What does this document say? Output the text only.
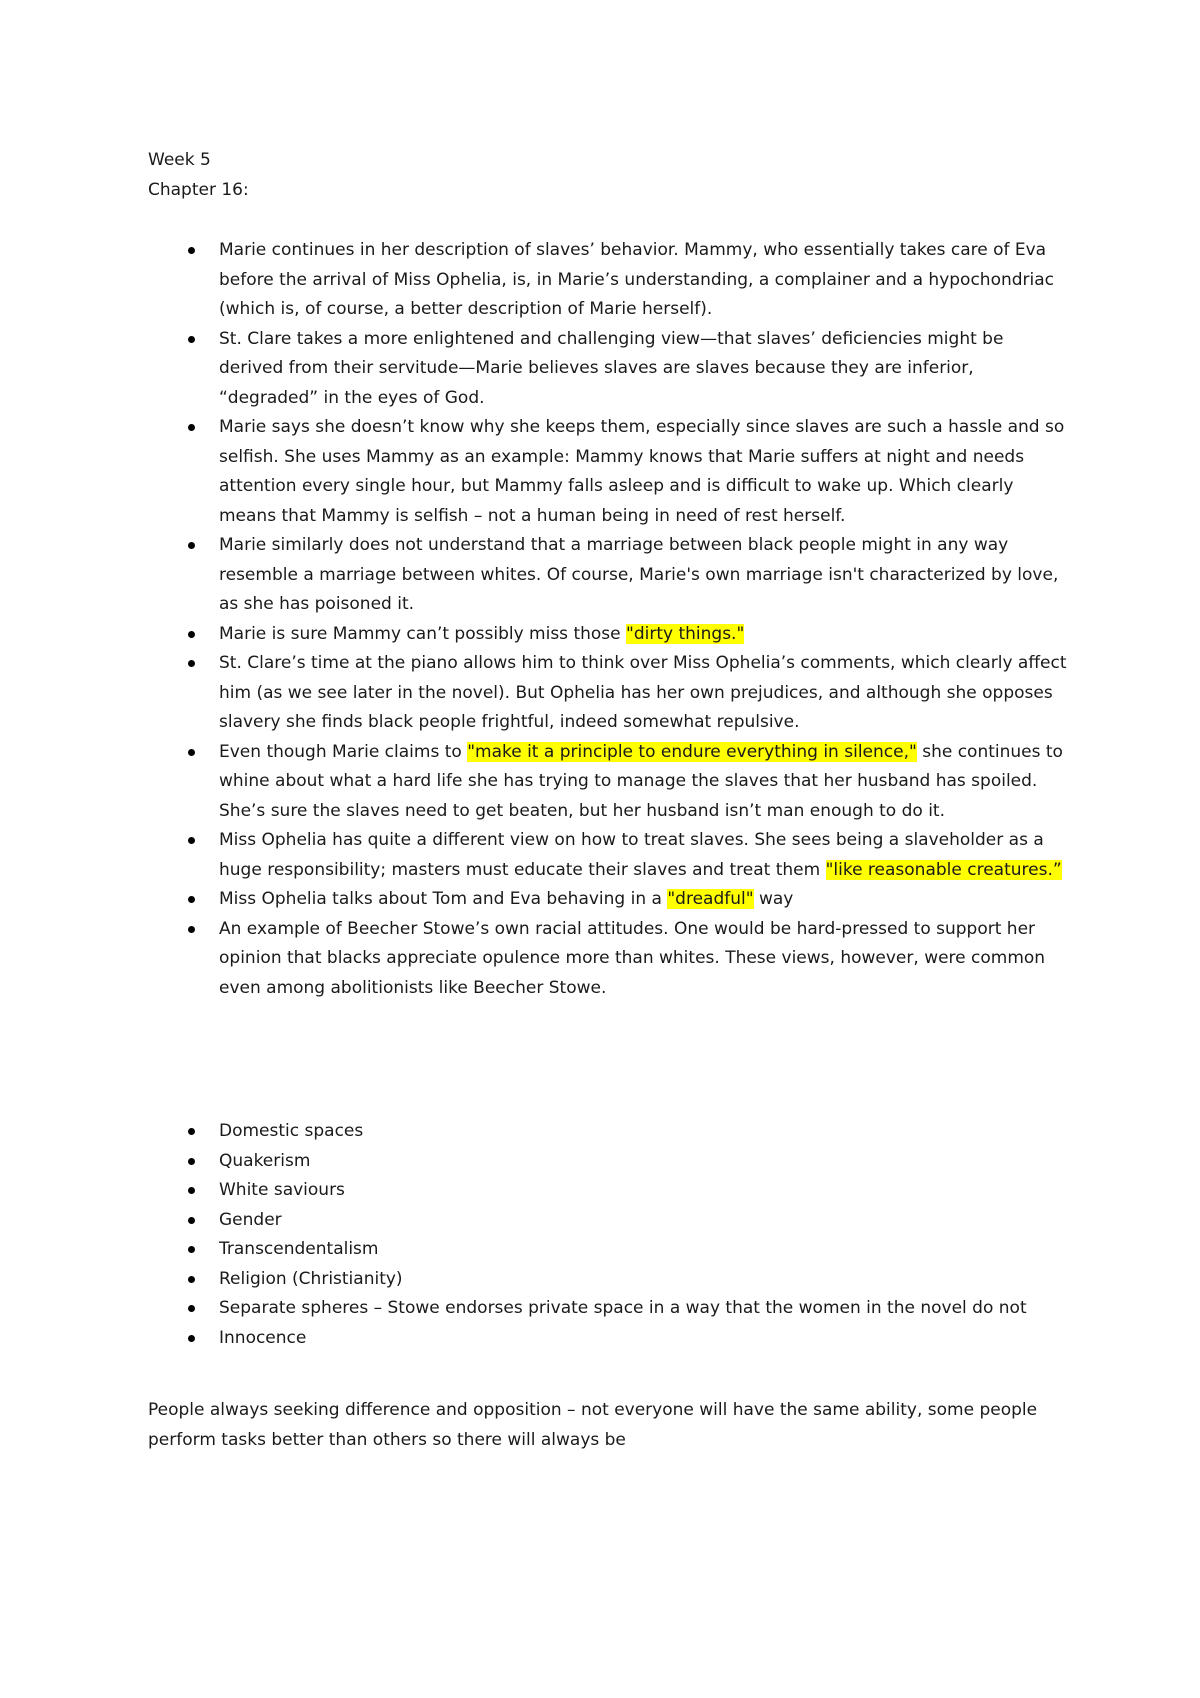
Week 5

Chapter 16:

Marie continues in her description of slaves’ behavior. Mammy, who essentially takes care of Eva before the arrival of Miss Ophelia, is, in Marie’s understanding, a complainer and a hypochondriac (which is, of course, a better description of Marie herself).
St. Clare takes a more enlightened and challenging view—that slaves’ deficiencies might be derived from their servitude—Marie believes slaves are slaves because they are inferior, “degraded” in the eyes of God.
Marie says she doesn’t know why she keeps them, especially since slaves are such a hassle and so selfish. She uses Mammy as an example: Mammy knows that Marie suffers at night and needs attention every single hour, but Mammy falls asleep and is difficult to wake up. Which clearly means that Mammy is selfish – not a human being in need of rest herself.
Marie similarly does not understand that a marriage between black people might in any way resemble a marriage between whites. Of course, Marie's own marriage isn't characterized by love, as she has poisoned it.
Marie is sure Mammy can’t possibly miss those "dirty things."
St. Clare’s time at the piano allows him to think over Miss Ophelia’s comments, which clearly affect him (as we see later in the novel). But Ophelia has her own prejudices, and although she opposes slavery she finds black people frightful, indeed somewhat repulsive.
Even though Marie claims to "make it a principle to endure everything in silence," she continues to whine about what a hard life she has trying to manage the slaves that her husband has spoiled. She’s sure the slaves need to get beaten, but her husband isn’t man enough to do it.
Miss Ophelia has quite a different view on how to treat slaves. She sees being a slaveholder as a huge responsibility; masters must educate their slaves and treat them "like reasonable creatures.”
Miss Ophelia talks about Tom and Eva behaving in a "dreadful" way
An example of Beecher Stowe’s own racial attitudes. One would be hard-pressed to support her opinion that blacks appreciate opulence more than whites. These views, however, were common even among abolitionists like Beecher Stowe.
Domestic spaces
Quakerism
White saviours
Gender
Transcendentalism
Religion (Christianity)
Separate spheres – Stowe endorses private space in a way that the women in the novel do not
Innocence

People always seeking difference and opposition – not everyone will have the same ability, some people perform tasks better than others so there will always be
